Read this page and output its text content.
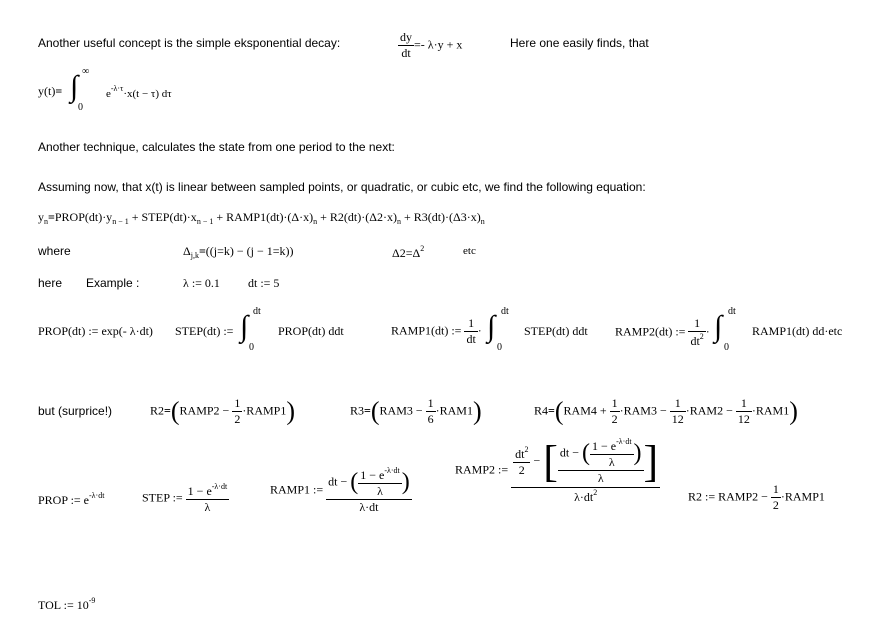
Another useful concept is the simple eksponential decay:	$\frac{dy}{dt} =- \lambda\cdot y + x$	Here one easily finds, that
y(t)= ∫ ∞
0
$e^{-\lambda\cdot\tau}\cdot x(t - \tau)$ dτ
Another technique, calculates the state from one period to the next:
Assuming now, that x(t) is linear between sampled points, or quadratic, or cubic etc, we find the following equation:
$y_n=PROP(dt)\cdot y_{n - 1}$ + $STEP(dt)\cdot x_{n - 1}$ + $RAMP1(dt)\cdot(\Delta\cdot x)_n + R2(dt)\cdot(\Delta 2\cdot x)_n + R3(dt)\cdot(\Delta 3\cdot x)_n$
where	$\Delta_{j,k}=((j=k) - (j - 1=k))$	$\Delta 2=\Delta^2$	etc
here Example :	λ := 0.1 dt := 5
PROP(dt) := exp(- λ·dt) STEP(dt) := ∫ dt
0
PROP(dt) ddt	RAMP1(dt) := $\frac{1}{dt}$ · ∫ dt
0
STEP(dt) ddt RAMP2(dt) := $\frac{1}{dt^2}$ · ∫ dt
0
RAMP1(dt) dd·etc
but (surprice!)	R2=(RAMP2 − $\frac{1}{2}$ ·RAMP1)	$R3=(RAM3 - \frac{1}{6} \cdot RAM1)$	$R4=(RAM4 + \frac{1}{2} \cdot RAM3 - \frac{1}{12} \cdot RAM2 - \frac{1}{12} \cdot RAM1)$
PROP := $e^{-\lambda\cdot dt}$	STEP := $\frac{1 - e^{-\lambda\cdot dt}}{\lambda}$	RAMP1 :=
dt − ( $\frac{1 - e^{-\lambda\cdot dt}}{\lambda}$ )
λ·dt
RAMP2 := $\frac{dt^2}{2}$ − [ dt − ( $\frac{1 - e^{-\lambda\cdot dt}}{\lambda}$ )
λ ]
$\lambda\cdot dt^2$	R2 := RAMP2 − $\frac{1}{2}$ ·RAMP1
TOL := $10^{-9}$
